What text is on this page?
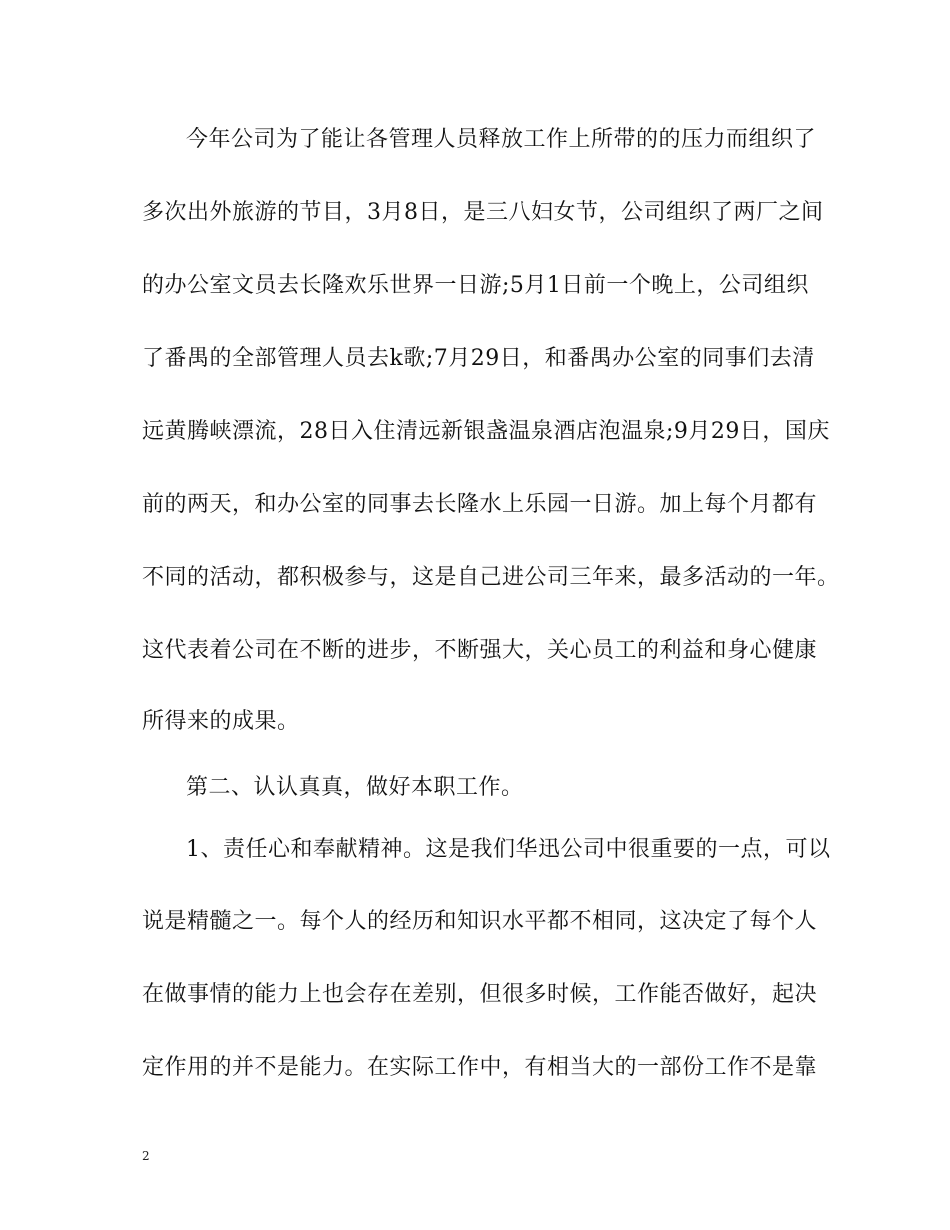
今年公司为了能让各管理人员释放工作上所带的的压力而组织了
多次出外旅游的节目，3月8日，是三八妇女节，公司组织了两厂之间
的办公室文员去长隆欢乐世界一日游;5月1日前一个晚上，公司组织
了番禺的全部管理人员去k歌;7月29日，和番禺办公室的同事们去清
远黄腾峡漂流，28日入住清远新银盏温泉酒店泡温泉;9月29日，国庆
前的两天，和办公室的同事去长隆水上乐园一日游。加上每个月都有
不同的活动，都积极参与，这是自己进公司三年来，最多活动的一年。
这代表着公司在不断的进步，不断强大，关心员工的利益和身心健康
所得来的成果。
第二、认认真真，做好本职工作。
1、责任心和奉献精神。这是我们华迅公司中很重要的一点，可以
说是精髓之一。每个人的经历和知识水平都不相同，这决定了每个人
在做事情的能力上也会存在差别，但很多时候，工作能否做好，起决
定作用的并不是能力。在实际工作中，有相当大的一部份工作不是靠
2
